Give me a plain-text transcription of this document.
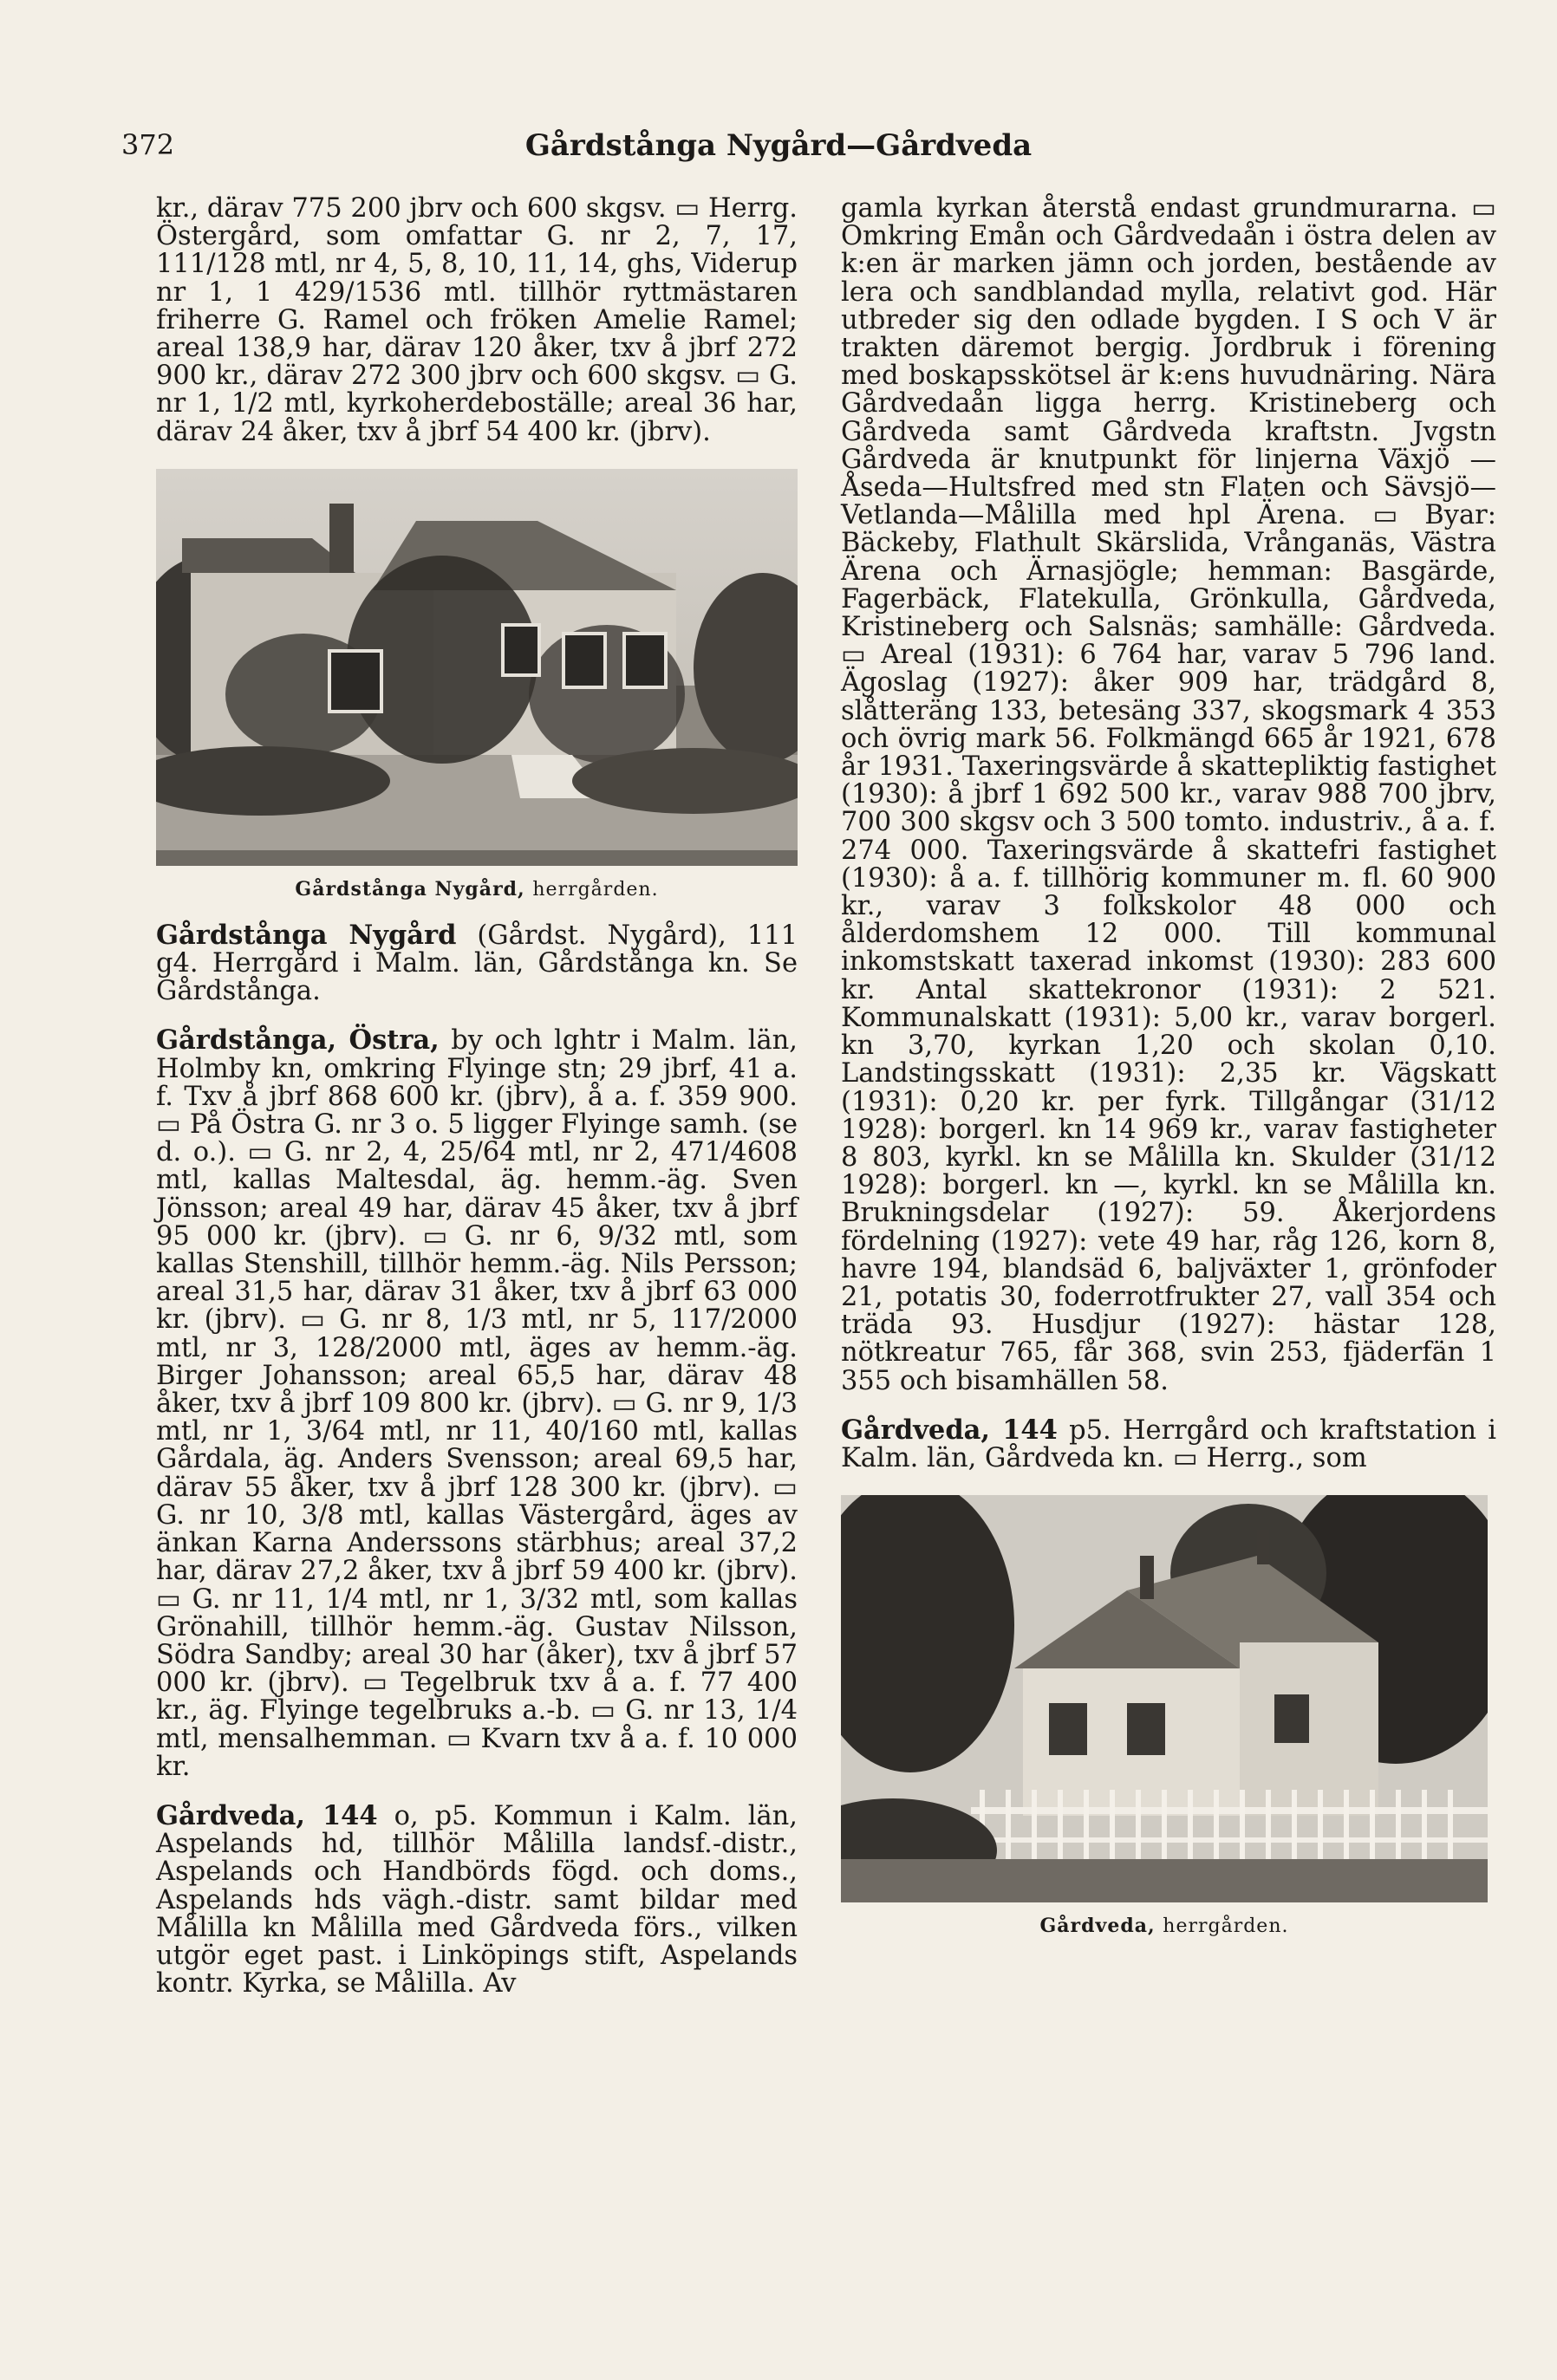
372	Gårdstånga Nygård—Gårdveda

kr., därav 775 200 jbrv och 600 skgsv. ▭ Herrg. Östergård, som omfattar G. nr 2, 7, 17, 111/128 mtl, nr 4, 5, 8, 10, 11, 14, ghs, Viderup nr 1, 1 429/1536 mtl. tillhör ryttmästaren friherre G. Ramel och fröken Amelie Ramel; areal 138,9 har, därav 120 åker, txv å jbrf 272 900 kr., därav 272 300 jbrv och 600 skgsv. ▭ G. nr 1, 1/2 mtl, kyrkoherdeboställe; areal 36 har, därav 24 åker, txv å jbrf 54 400 kr. (jbrv).

Gårdstånga Nygård, herrgården.

Gårdstånga Nygård (Gårdst. Nygård), 111 g4. Herrgård i Malm. län, Gårdstånga kn. Se Gårdstånga.

Gårdstånga, Östra, by och lghtr i Malm. län, Holmby kn, omkring Flyinge stn; 29 jbrf, 41 a. f. Txv å jbrf 868 600 kr. (jbrv), å a. f. 359 900. ▭ På Östra G. nr 3 o. 5 ligger Flyinge samh. (se d. o.). ▭ G. nr 2, 4, 25/64 mtl, nr 2, 471/4608 mtl, kallas Maltesdal, äg. hemm.-äg. Sven Jönsson; areal 49 har, därav 45 åker, txv å jbrf 95 000 kr. (jbrv). ▭ G. nr 6, 9/32 mtl, som kallas Stenshill, tillhör hemm.-äg. Nils Persson; areal 31,5 har, därav 31 åker, txv å jbrf 63 000 kr. (jbrv). ▭ G. nr 8, 1/3 mtl, nr 5, 117/2000 mtl, nr 3, 128/2000 mtl, äges av hemm.-äg. Birger Johansson; areal 65,5 har, därav 48 åker, txv å jbrf 109 800 kr. (jbrv). ▭ G. nr 9, 1/3 mtl, nr 1, 3/64 mtl, nr 11, 40/160 mtl, kallas Gårdala, äg. Anders Svensson; areal 69,5 har, därav 55 åker, txv å jbrf 128 300 kr. (jbrv). ▭ G. nr 10, 3/8 mtl, kallas Västergård, äges av änkan Karna Anderssons stärbhus; areal 37,2 har, därav 27,2 åker, txv å jbrf 59 400 kr. (jbrv). ▭ G. nr 11, 1/4 mtl, nr 1, 3/32 mtl, som kallas Grönahill, tillhör hemm.-äg. Gustav Nilsson, Södra Sandby; areal 30 har (åker), txv å jbrf 57 000 kr. (jbrv). ▭ Tegelbruk txv å a. f. 77 400 kr., äg. Flyinge tegelbruks a.-b. ▭ G. nr 13, 1/4 mtl, mensalhemman. ▭ Kvarn txv å a. f. 10 000 kr.

Gårdveda, 144 o, p5. Kommun i Kalm. län, Aspelands hd, tillhör Målilla landsf.-distr., Aspelands och Handbörds fögd. och doms., Aspelands hds vägh.-distr. samt bildar med Målilla kn Målilla med Gårdveda förs., vilken utgör eget past. i Linköpings stift, Aspelands kontr. Kyrka, se Målilla. Av

gamla kyrkan återstå endast grundmurarna. ▭ Omkring Emån och Gårdvedaån i östra delen av k:en är marken jämn och jorden, bestående av lera och sandblandad mylla, relativt god. Här utbreder sig den odlade bygden. I S och V är trakten däremot bergig. Jordbruk i förening med boskapsskötsel är k:ens huvudnäring. Nära Gårdvedaån ligga herrg. Kristineberg och Gårdveda samt Gårdveda kraftstn. Jvgstn Gårdveda är knutpunkt för linjerna Växjö —Åseda—Hultsfred med stn Flaten och Sävsjö—Vetlanda—Målilla med hpl Ärena. ▭ Byar: Bäckeby, Flathult Skärslida, Vrånganäs, Västra Ärena och Ärnasjögle; hemman: Basgärde, Fagerbäck, Flatekulla, Grönkulla, Gårdveda, Kristineberg och Salsnäs; samhälle: Gårdveda. ▭ Areal (1931): 6 764 har, varav 5 796 land. Ägoslag (1927): åker 909 har, trädgård 8, slåtteräng 133, betesäng 337, skogsmark 4 353 och övrig mark 56. Folkmängd 665 år 1921, 678 år 1931. Taxeringsvärde å skattepliktig fastighet (1930): å jbrf 1 692 500 kr., varav 988 700 jbrv, 700 300 skgsv och 3 500 tomto. industriv., å a. f. 274 000. Taxeringsvärde å skattefri fastighet (1930): å a. f. tillhörig kommuner m. fl. 60 900 kr., varav 3 folkskolor 48 000 och ålderdomshem 12 000. Till kommunal inkomstskatt taxerad inkomst (1930): 283 600 kr. Antal skattekronor (1931): 2 521. Kommunalskatt (1931): 5,00 kr., varav borgerl. kn 3,70, kyrkan 1,20 och skolan 0,10. Landstingsskatt (1931): 2,35 kr. Vägskatt (1931): 0,20 kr. per fyrk. Tillgångar (31/12 1928): borgerl. kn 14 969 kr., varav fastigheter 8 803, kyrkl. kn se Målilla kn. Skulder (31/12 1928): borgerl. kn —, kyrkl. kn se Målilla kn. Brukningsdelar (1927): 59. Åkerjordens fördelning (1927): vete 49 har, råg 126, korn 8, havre 194, blandsäd 6, baljväxter 1, grönfoder 21, potatis 30, foderrotfrukter 27, vall 354 och träda 93. Husdjur (1927): hästar 128, nötkreatur 765, får 368, svin 253, fjäderfän 1 355 och bisamhällen 58.

Gårdveda, 144 p5. Herrgård och kraftstation i Kalm. län, Gårdveda kn. ▭ Herrg., som

Gårdveda, herrgården.
